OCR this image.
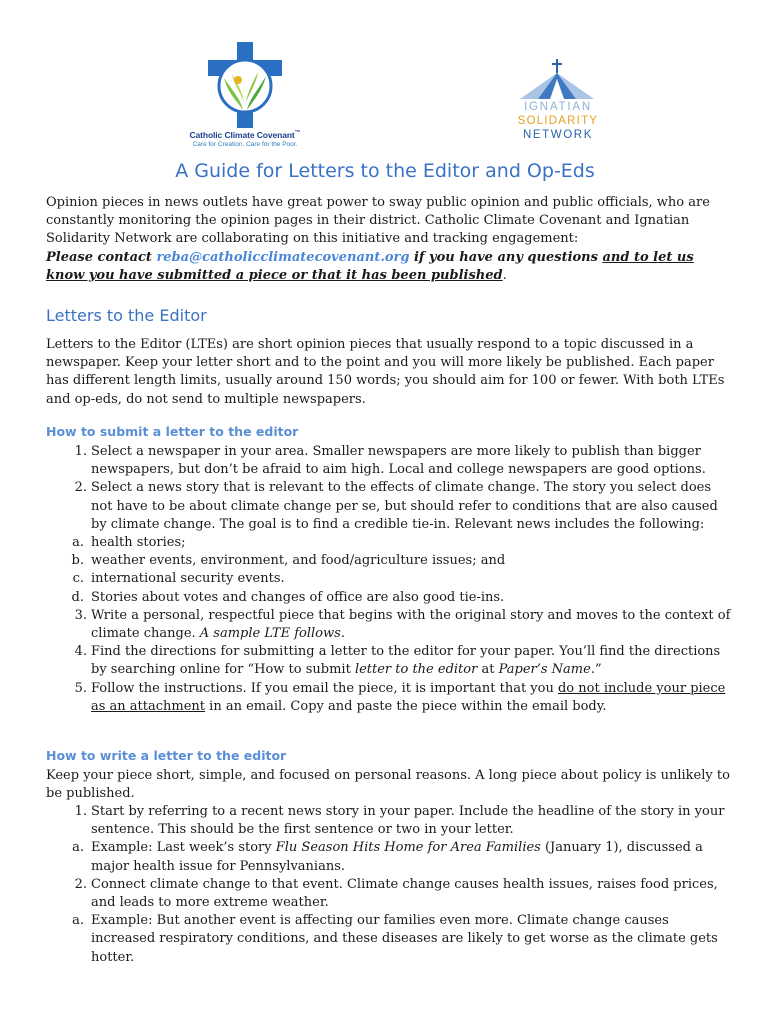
Catholic Climate Covenant™
Care for Creation. Care for the Poor.
IGNATIAN
SOLIDARITY
NETWORK
A Guide for Letters to the Editor and Op-Eds
Opinion pieces in news outlets have great power to sway public opinion and public officials, who are constantly monitoring the opinion pages in their district. Catholic Climate Covenant and Ignatian Solidarity Network are collaborating on this initiative and tracking engagement:
Please contact reba@catholicclimatecovenant.org if you have any questions and to let us know you have submitted a piece or that it has been published.
Letters to the Editor
Letters to the Editor (LTEs) are short opinion pieces that usually respond to a topic discussed in a newspaper. Keep your letter short and to the point and you will more likely be published. Each paper has different length limits, usually around 150 words; you should aim for 100 or fewer. With both LTEs and op-eds, do not send to multiple newspapers.
How to submit a letter to the editor
1. Select a newspaper in your area. Smaller newspapers are more likely to publish than bigger newspapers, but don’t be afraid to aim high. Local and college newspapers are good options.
2. Select a news story that is relevant to the effects of climate change. The story you select does not have to be about climate change per se, but should refer to conditions that are also caused by climate change. The goal is to find a credible tie-in. Relevant news includes the following:
a. health stories;
b. weather events, environment, and food/agriculture issues; and
c. international security events.
d. Stories about votes and changes of office are also good tie-ins.
3. Write a personal, respectful piece that begins with the original story and moves to the context of climate change. A sample LTE follows.
4. Find the directions for submitting a letter to the editor for your paper. You’ll find the directions by searching online for “How to submit letter to the editor at Paper’s Name.”
5. Follow the instructions. If you email the piece, it is important that you do not include your piece as an attachment in an email. Copy and paste the piece within the email body.
How to write a letter to the editor
Keep your piece short, simple, and focused on personal reasons. A long piece about policy is unlikely to be published.
1. Start by referring to a recent news story in your paper. Include the headline of the story in your sentence. This should be the first sentence or two in your letter.
a. Example: Last week’s story Flu Season Hits Home for Area Families (January 1), discussed a major health issue for Pennsylvanians.
2. Connect climate change to that event. Climate change causes health issues, raises food prices, and leads to more extreme weather.
a. Example: But another event is affecting our families even more. Climate change causes increased respiratory conditions, and these diseases are likely to get worse as the climate gets hotter.
